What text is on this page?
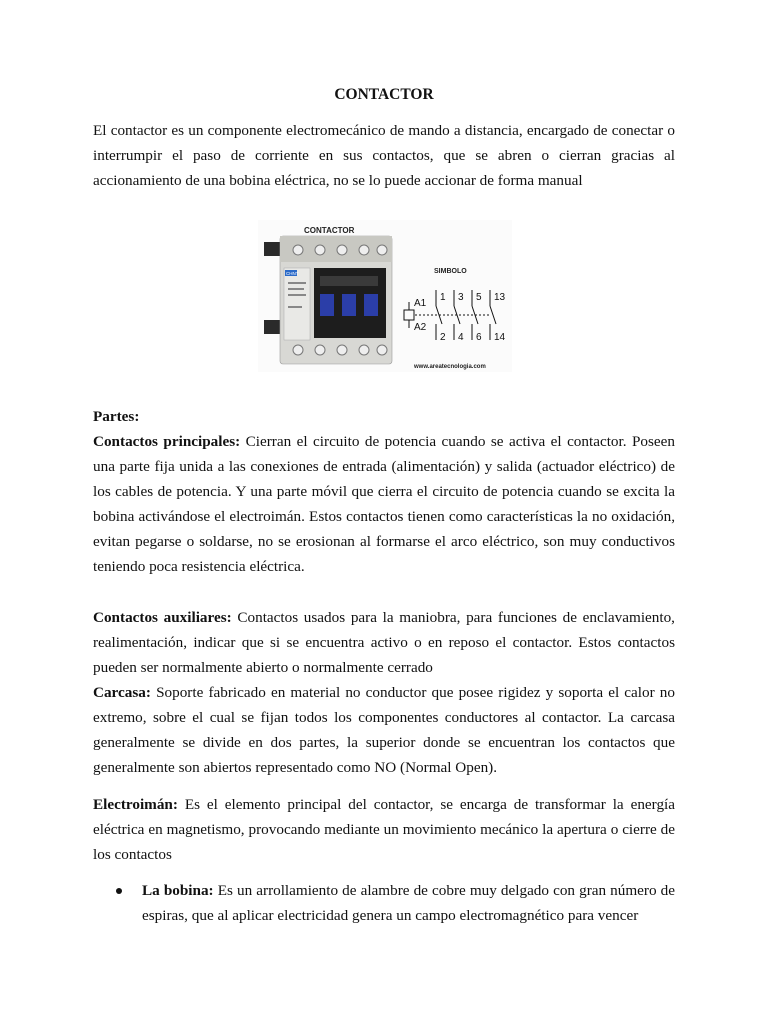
CONTACTOR
El contactor es un componente electromecánico de mando a distancia, encargado de conectar o interrumpir el paso de corriente en sus contactos, que se abren o cierran gracias al accionamiento de una bobina eléctrica, no se lo puede accionar de forma manual
CONTACTOR
CHNT	SIMBOLO
A1
A2
1 3 5 13
2 4 6 14
www.areatecnologia.com
Partes:
Contactos principales: Cierran el circuito de potencia cuando se activa el contactor. Poseen una parte fija unida a las conexiones de entrada (alimentación) y salida (actuador eléctrico) de los cables de potencia. Y una parte móvil que cierra el circuito de potencia cuando se excita la bobina activándose el electroimán. Estos contactos tienen como características la no oxidación, evitan pegarse o soldarse, no se erosionan al formarse el arco eléctrico, son muy conductivos teniendo poca resistencia eléctrica.
Contactos auxiliares: Contactos usados para la maniobra, para funciones de enclavamiento, realimentación, indicar que si se encuentra activo o en reposo el contactor. Estos contactos pueden ser normalmente abierto o normalmente cerrado
Carcasa: Soporte fabricado en material no conductor que posee rigidez y soporta el calor no extremo, sobre el cual se fijan todos los componentes conductores al contactor. La carcasa generalmente se divide en dos partes, la superior donde se encuentran los contactos que generalmente son abiertos representado como NO (Normal Open).
Electroimán: Es el elemento principal del contactor, se encarga de transformar la energía eléctrica en magnetismo, provocando mediante un movimiento mecánico la apertura o cierre de los contactos
La bobina: Es un arrollamiento de alambre de cobre muy delgado con gran número de espiras, que al aplicar electricidad genera un campo electromagnético para vencer
